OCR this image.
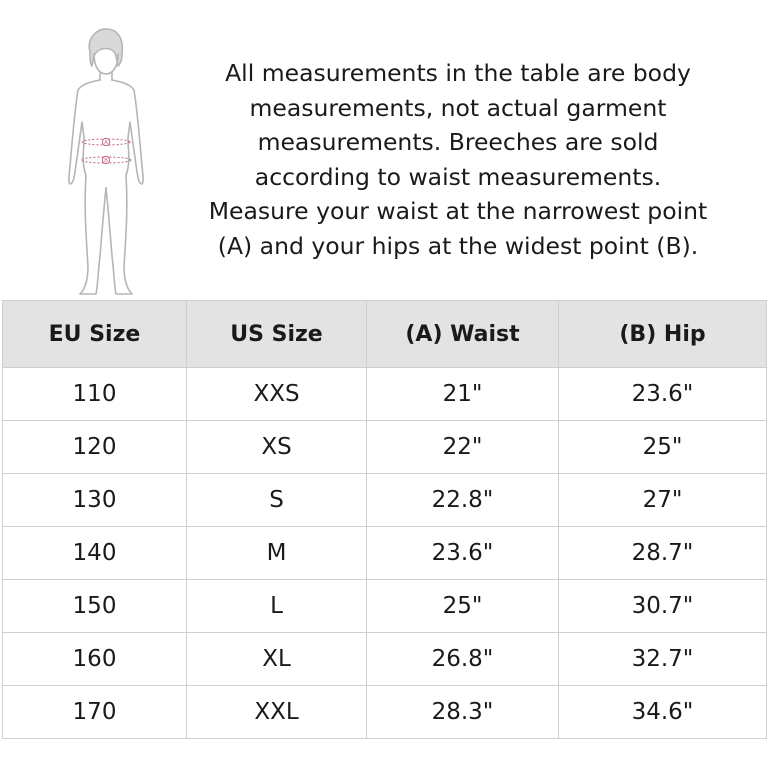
A
B

All measurements in the table are body
measurements, not actual garment
measurements. Breeches are sold
according to waist measurements.
Measure your waist at the narrowest point
(A) and your hips at the widest point (B).

EU Size	US Size	(A) Waist	(B) Hip
110	XXS	21"	23.6"
120	XS	22"	25"
130	S	22.8"	27"
140	M	23.6"	28.7"
150	L	25"	30.7"
160	XL	26.8"	32.7"
170	XXL	28.3"	34.6"
